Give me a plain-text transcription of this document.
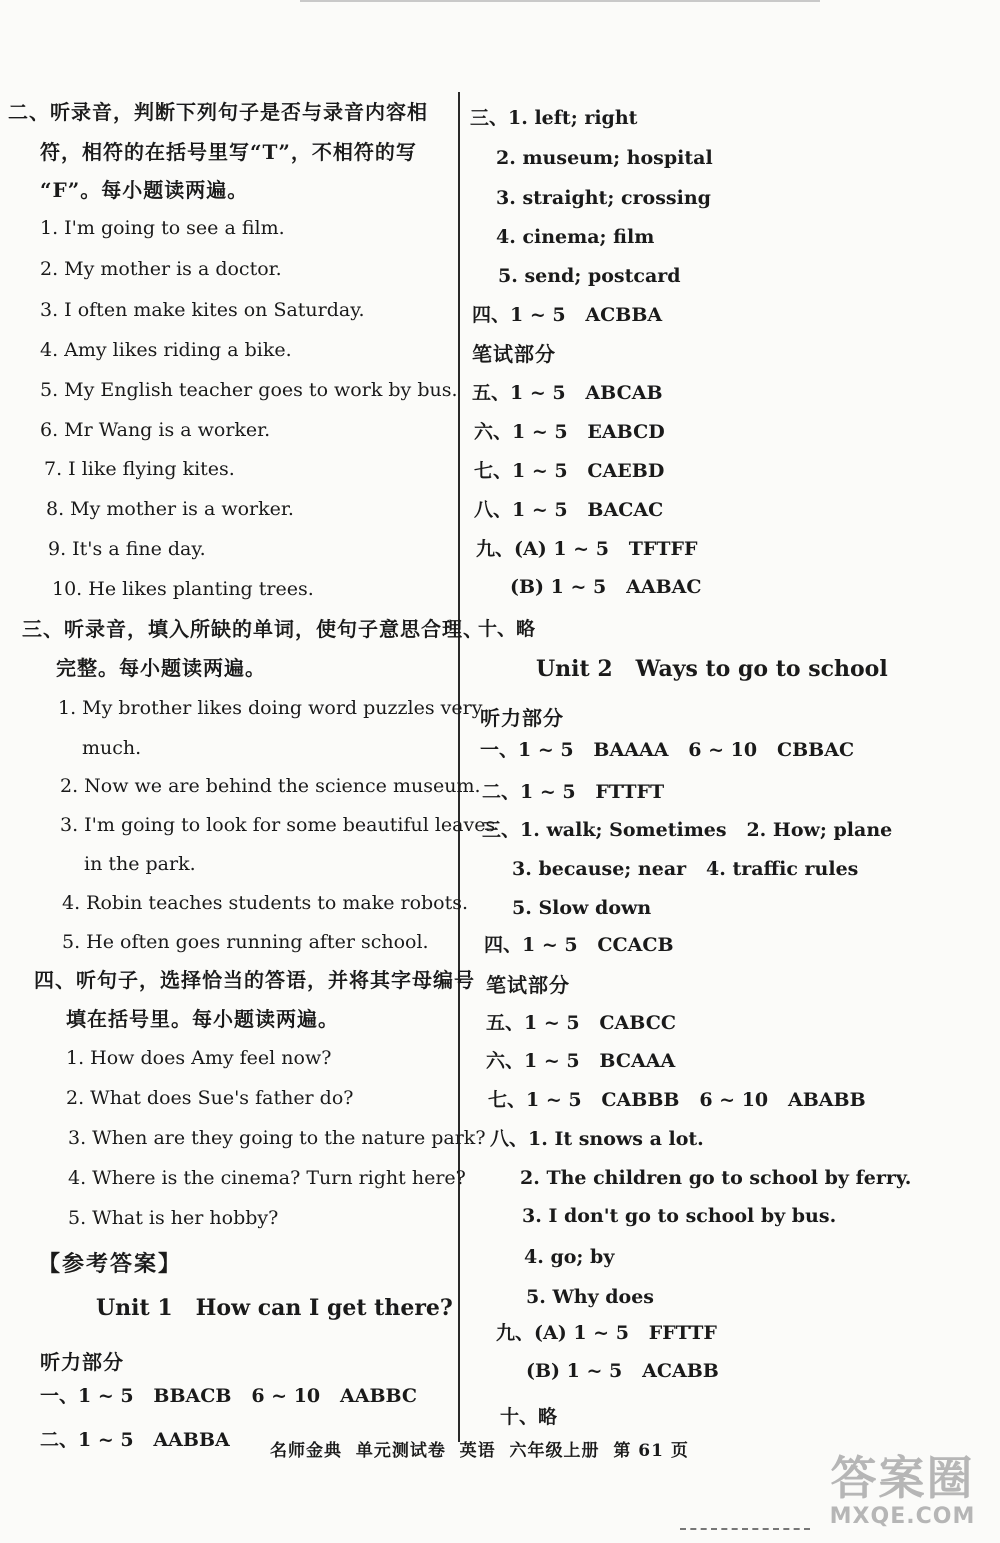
二、听录音，判断下列句子是否与录音内容相
符，相符的在括号里写“T”，不相符的写
“F”。每小题读两遍。
1. I'm going to see a film.
2. My mother is a doctor.
3. I often make kites on Saturday.
4. Amy likes riding a bike.
5. My English teacher goes to work by bus.
6. Mr Wang is a worker.
7. I like flying kites.
8. My mother is a worker.
9. It's a fine day.
10. He likes planting trees.
三、听录音，填入所缺的单词，使句子意思合理、
完整。每小题读两遍。
1. My brother likes doing word puzzles very
much.
2. Now we are behind the science museum.
3. I'm going to look for some beautiful leaves
in the park.
4. Robin teaches students to make robots.
5. He often goes running after school.
四、听句子，选择恰当的答语，并将其字母编号
填在括号里。每小题读两遍。
1. How does Amy feel now?
2. What does Sue's father do?
3. When are they going to the nature park?
4. Where is the cinema? Turn right here?
5. What is her hobby?
【参考答案】
Unit 1   How can I get there?
听力部分
一、1 ~ 5   BBACB   6 ~ 10   AABBC
二、1 ~ 5   AABBA
三、1. left; right
2. museum; hospital
3. straight; crossing
4. cinema; film
5. send; postcard
四、1 ~ 5   ACBBA
笔试部分
五、1 ~ 5   ABCAB
六、1 ~ 5   EABCD
七、1 ~ 5   CAEBD
八、1 ~ 5   BACAC
九、(A) 1 ~ 5   TFTFF
(B) 1 ~ 5   AABAC
十、略
Unit 2   Ways to go to school
听力部分
一、1 ~ 5   BAAAA   6 ~ 10   CBBAC
二、1 ~ 5   FTTFT
三、1. walk; Sometimes   2. How; plane
3. because; near   4. traffic rules
5. Slow down
四、1 ~ 5   CCACB
笔试部分
五、1 ~ 5   CABCC
六、1 ~ 5   BCAAA
七、1 ~ 5   CABBB   6 ~ 10   ABABB
八、1. It snows a lot.
2. The children go to school by ferry.
3. I don't go to school by bus.
4. go; by
5. Why does
九、(A) 1 ~ 5   FFTTF
(B) 1 ~ 5   ACABB
十、略
名师金典  单元测试卷  英语  六年级上册  第 61 页	答案圈
MXQE.COM
